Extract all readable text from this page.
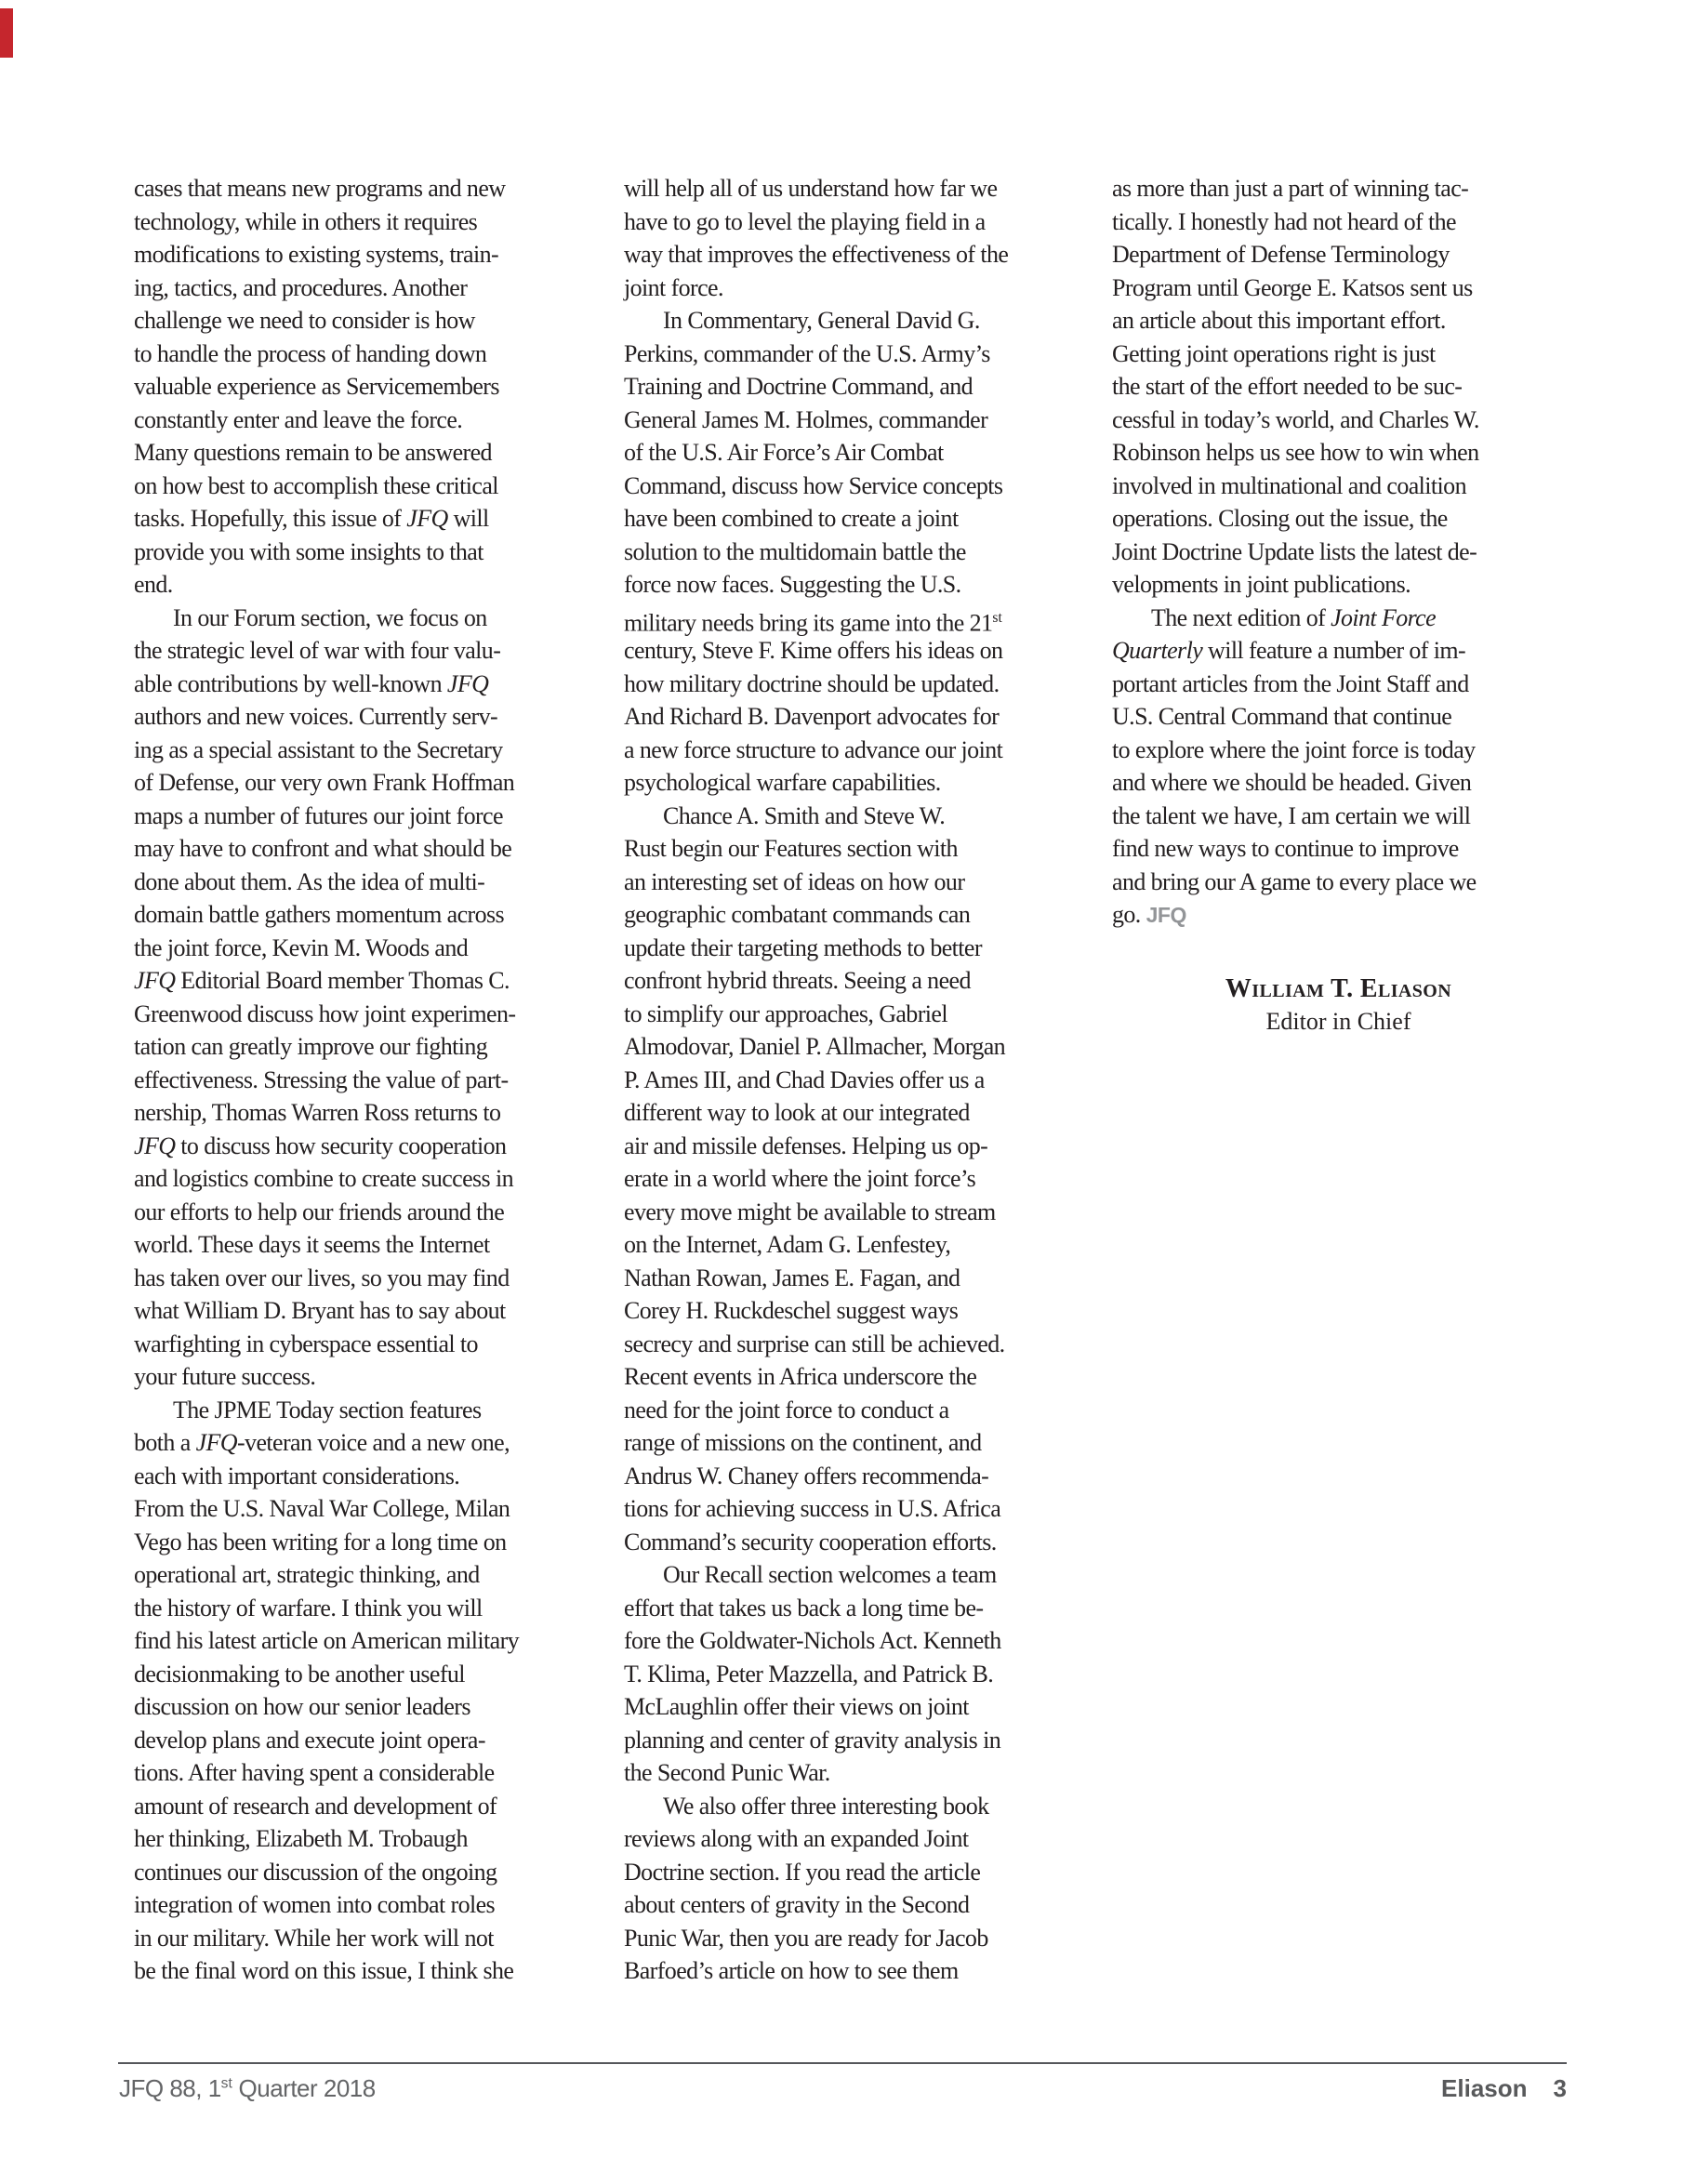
cases that means new programs and new
technology, while in others it requires
modifications to existing systems, train-
ing, tactics, and procedures. Another
challenge we need to consider is how
to handle the process of handing down
valuable experience as Servicemembers
constantly enter and leave the force.
Many questions remain to be answered
on how best to accomplish these critical
tasks. Hopefully, this issue of JFQ will
provide you with some insights to that
end.
In our Forum section, we focus on
the strategic level of war with four valu-
able contributions by well-known JFQ
authors and new voices. Currently serv-
ing as a special assistant to the Secretary
of Defense, our very own Frank Hoffman
maps a number of futures our joint force
may have to confront and what should be
done about them. As the idea of multi-
domain battle gathers momentum across
the joint force, Kevin M. Woods and
JFQ Editorial Board member Thomas C.
Greenwood discuss how joint experimen-
tation can greatly improve our fighting
effectiveness. Stressing the value of part-
nership, Thomas Warren Ross returns to
JFQ to discuss how security cooperation
and logistics combine to create success in
our efforts to help our friends around the
world. These days it seems the Internet
has taken over our lives, so you may find
what William D. Bryant has to say about
warfighting in cyberspace essential to
your future success.
The JPME Today section features
both a JFQ-veteran voice and a new one,
each with important considerations.
From the U.S. Naval War College, Milan
Vego has been writing for a long time on
operational art, strategic thinking, and
the history of warfare. I think you will
find his latest article on American military
decisionmaking to be another useful
discussion on how our senior leaders
develop plans and execute joint opera-
tions. After having spent a considerable
amount of research and development of
her thinking, Elizabeth M. Trobaugh
continues our discussion of the ongoing
integration of women into combat roles
in our military. While her work will not
be the final word on this issue, I think she
will help all of us understand how far we
have to go to level the playing field in a
way that improves the effectiveness of the
joint force.
In Commentary, General David G.
Perkins, commander of the U.S. Army’s
Training and Doctrine Command, and
General James M. Holmes, commander
of the U.S. Air Force’s Air Combat
Command, discuss how Service concepts
have been combined to create a joint
solution to the multidomain battle the
force now faces. Suggesting the U.S.
military needs bring its game into the 21st
century, Steve F. Kime offers his ideas on
how military doctrine should be updated.
And Richard B. Davenport advocates for
a new force structure to advance our joint
psychological warfare capabilities.
Chance A. Smith and Steve W.
Rust begin our Features section with
an interesting set of ideas on how our
geographic combatant commands can
update their targeting methods to better
confront hybrid threats. Seeing a need
to simplify our approaches, Gabriel
Almodovar, Daniel P. Allmacher, Morgan
P. Ames III, and Chad Davies offer us a
different way to look at our integrated
air and missile defenses. Helping us op-
erate in a world where the joint force’s
every move might be available to stream
on the Internet, Adam G. Lenfestey,
Nathan Rowan, James E. Fagan, and
Corey H. Ruckdeschel suggest ways
secrecy and surprise can still be achieved.
Recent events in Africa underscore the
need for the joint force to conduct a
range of missions on the continent, and
Andrus W. Chaney offers recommenda-
tions for achieving success in U.S. Africa
Command’s security cooperation efforts.
Our Recall section welcomes a team
effort that takes us back a long time be-
fore the Goldwater-Nichols Act. Kenneth
T. Klima, Peter Mazzella, and Patrick B.
McLaughlin offer their views on joint
planning and center of gravity analysis in
the Second Punic War.
We also offer three interesting book
reviews along with an expanded Joint
Doctrine section. If you read the article
about centers of gravity in the Second
Punic War, then you are ready for Jacob
Barfoed’s article on how to see them
as more than just a part of winning tac-
tically. I honestly had not heard of the
Department of Defense Terminology
Program until George E. Katsos sent us
an article about this important effort.
Getting joint operations right is just
the start of the effort needed to be suc-
cessful in today’s world, and Charles W.
Robinson helps us see how to win when
involved in multinational and coalition
operations. Closing out the issue, the
Joint Doctrine Update lists the latest de-
velopments in joint publications.
The next edition of Joint Force
Quarterly will feature a number of im-
portant articles from the Joint Staff and
U.S. Central Command that continue
to explore where the joint force is today
and where we should be headed. Given
the talent we have, I am certain we will
find new ways to continue to improve
and bring our A game to every place we
go. JFQ
William T. Eliason
Editor in Chief
JFQ 88, 1st Quarter 2018	Eliason 3
